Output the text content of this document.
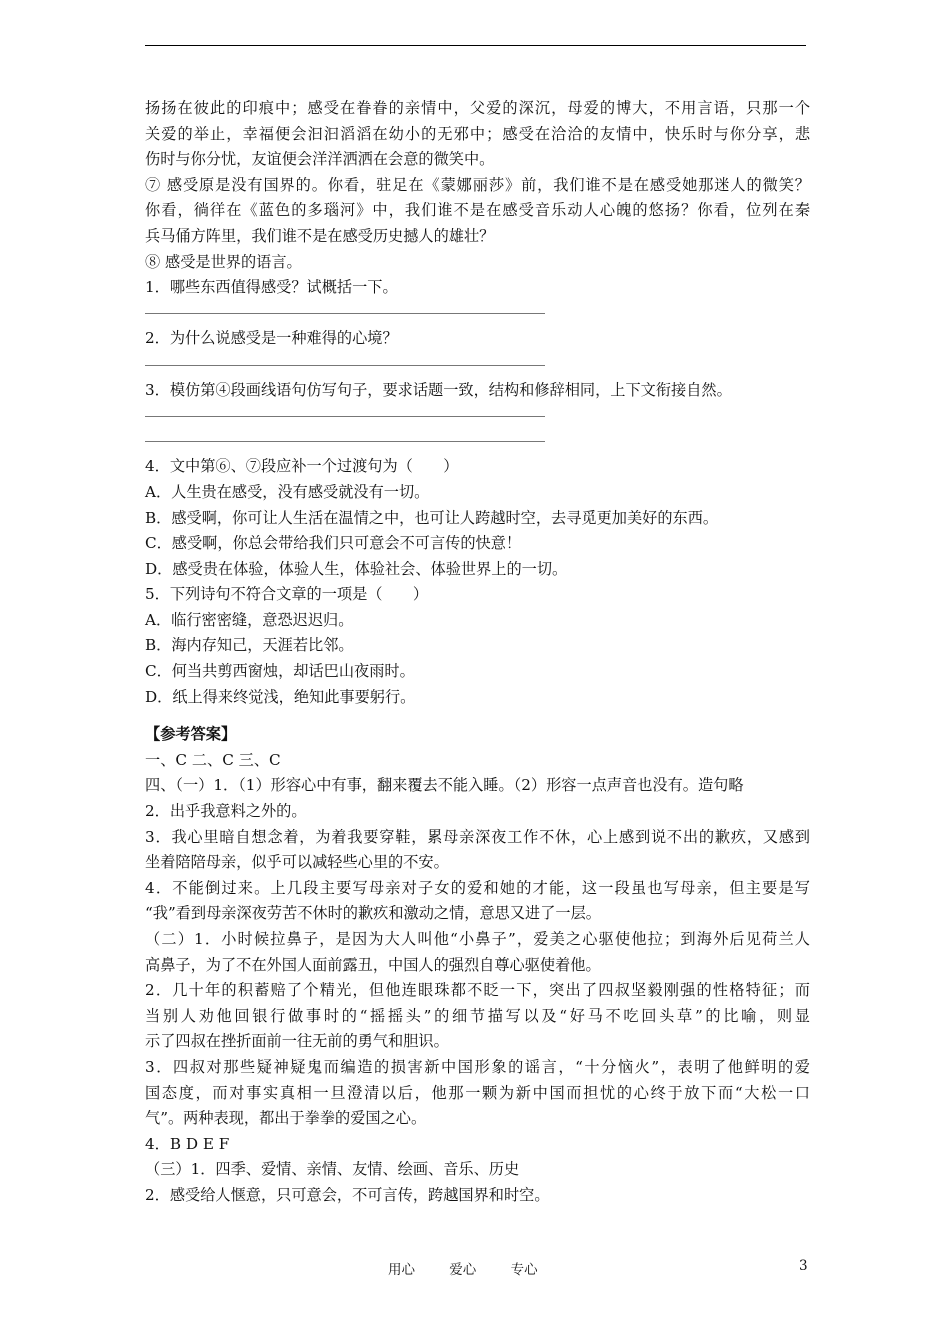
扬扬在彼此的印痕中；感受在眷眷的亲情中，父爱的深沉，母爱的博大，不用言语，只那一个
关爱的举止，幸福便会汩汩滔滔在幼小的无邪中；感受在洽洽的友情中，快乐时与你分享，悲
伤时与你分忧，友谊便会洋洋洒洒在会意的微笑中。
⑦ 感受原是没有国界的。你看，驻足在《蒙娜丽莎》前，我们谁不是在感受她那迷人的微笑？
你看，徜徉在《蓝色的多瑙河》中，我们谁不是在感受音乐动人心魄的悠扬？你看，位列在秦
兵马俑方阵里，我们谁不是在感受历史撼人的雄壮？
⑧ 感受是世界的语言。
1．哪些东西值得感受？试概括一下。
2．为什么说感受是一种难得的心境？
3．模仿第④段画线语句仿写句子，要求话题一致，结构和修辞相同，上下文衔接自然。
4．文中第⑥、⑦段应补一个过渡句为（　　）
A．人生贵在感受，没有感受就没有一切。
B．感受啊，你可让人生活在温情之中，也可让人跨越时空，去寻觅更加美好的东西。
C．感受啊，你总会带给我们只可意会不可言传的快意！
D．感受贵在体验，体验人生，体验社会、体验世界上的一切。
5．下列诗句不符合文章的一项是（　　）
A．临行密密缝，意恐迟迟归。
B．海内存知己，天涯若比邻。
C．何当共剪西窗烛，却话巴山夜雨时。
D．纸上得来终觉浅，绝知此事要躬行。
【参考答案】
一、C 二、C 三、C
四、（一）1．（1）形容心中有事，翻来覆去不能入睡。（2）形容一点声音也没有。造句略
2．出乎我意料之外的。
3．我心里暗自想念着，为着我要穿鞋，累母亲深夜工作不休，心上感到说不出的歉疚，又感到
坐着陪陪母亲，似乎可以减轻些心里的不安。
4．不能倒过来。上几段主要写母亲对子女的爱和她的才能，这一段虽也写母亲，但主要是写
“我”看到母亲深夜劳苦不休时的歉疚和激动之情，意思又进了一层。
（二）1．小时候拉鼻子，是因为大人叫他“小鼻子”，爱美之心驱使他拉；到海外后见荷兰人
高鼻子，为了不在外国人面前露丑，中国人的强烈自尊心驱使着他。
2．几十年的积蓄赔了个精光，但他连眼珠都不眨一下，突出了四叔坚毅刚强的性格特征；而
当别人劝他回银行做事时的“摇摇头”的细节描写以及“好马不吃回头草”的比喻，则显
示了四叔在挫折面前一往无前的勇气和胆识。
3．四叔对那些疑神疑鬼而编造的损害新中国形象的谣言，“十分恼火”，表明了他鲜明的爱
国态度，而对事实真相一旦澄清以后，他那一颗为新中国而担忧的心终于放下而“大松一口
气”。两种表现，都出于拳拳的爱国之心。
4．B D E F
（三）1．四季、爱情、亲情、友情、绘画、音乐、历史
2．感受给人惬意，只可意会，不可言传，跨越国界和时空。
用心	爱心	专心	3
